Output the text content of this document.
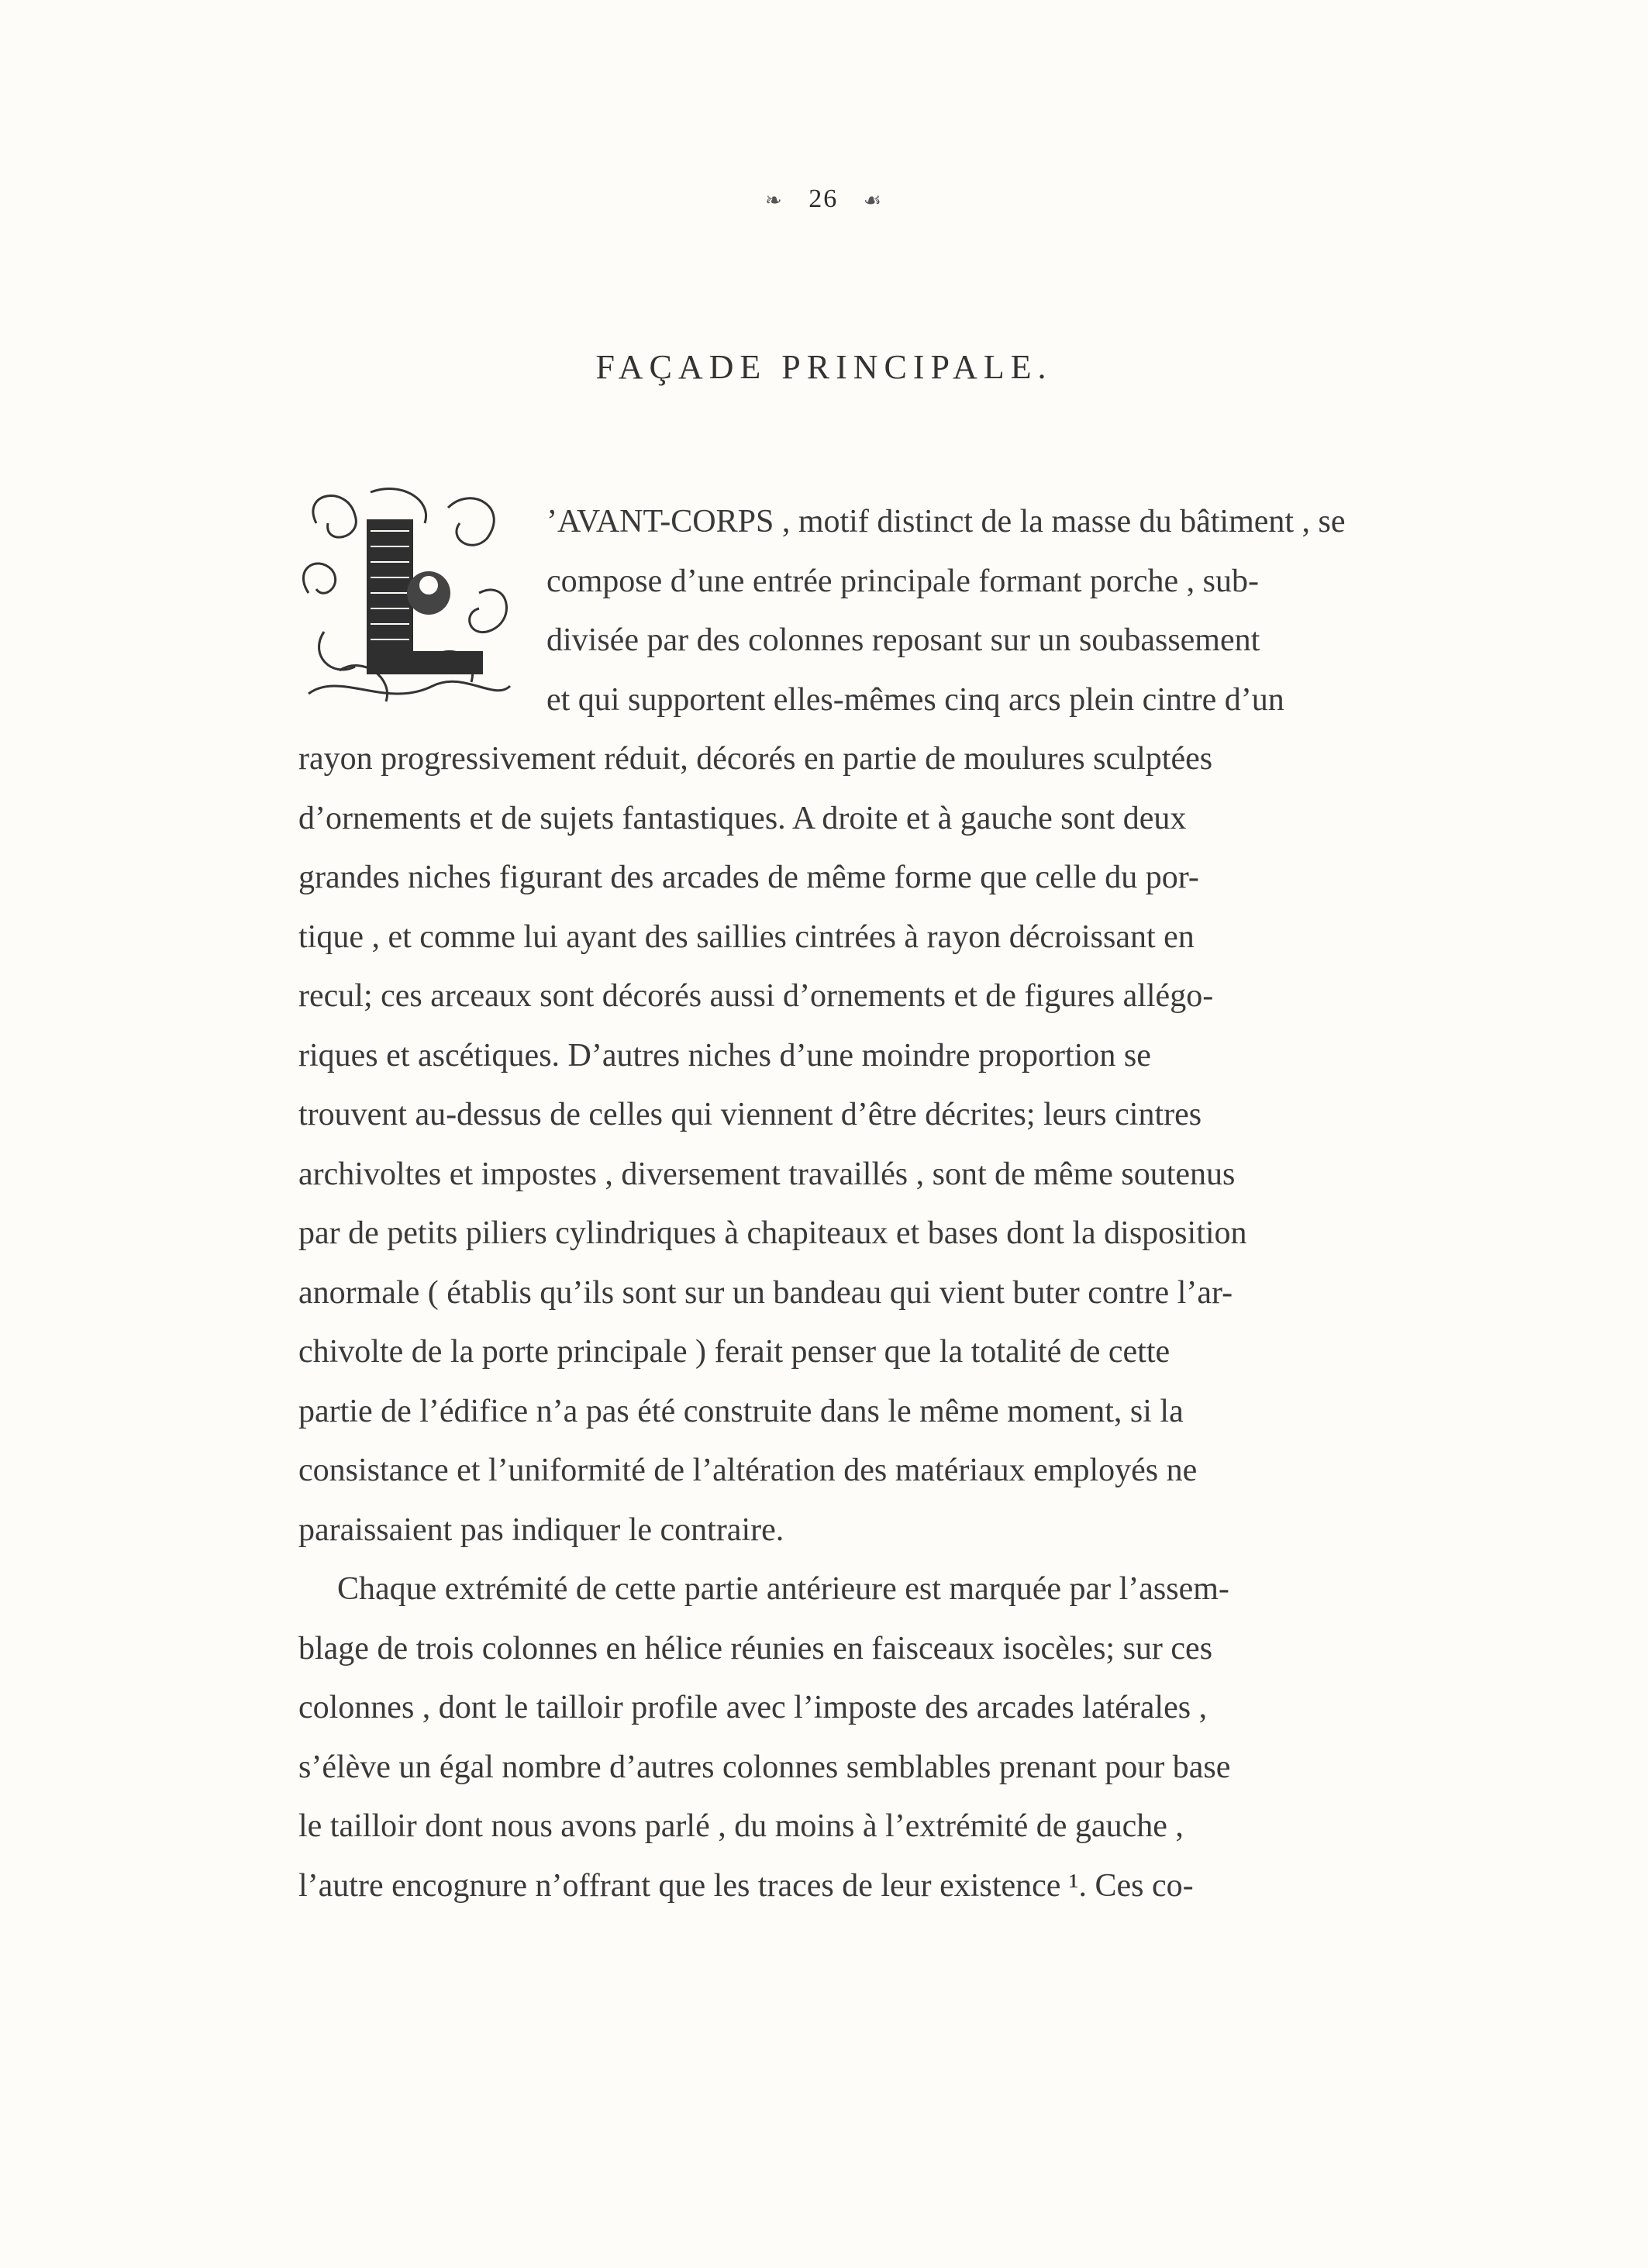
❧ 26 ☙
FAÇADE PRINCIPALE.
’AVANT-CORPS , motif distinct de la masse du bâtiment , se
compose d’une entrée principale formant porche , sub-
divisée par des colonnes reposant sur un soubassement
et qui supportent elles-mêmes cinq arcs plein cintre d’un
rayon progressivement réduit, décorés en partie de moulures sculptées
d’ornements et de sujets fantastiques. A droite et à gauche sont deux
grandes niches figurant des arcades de même forme que celle du por-
tique , et comme lui ayant des saillies cintrées à rayon décroissant en
recul; ces arceaux sont décorés aussi d’ornements et de figures allégo-
riques et ascétiques. D’autres niches d’une moindre proportion se
trouvent au-dessus de celles qui viennent d’être décrites; leurs cintres
archivoltes et impostes , diversement travaillés , sont de même soutenus
par de petits piliers cylindriques à chapiteaux et bases dont la disposition
anormale ( établis qu’ils sont sur un bandeau qui vient buter contre l’ar-
chivolte de la porte principale ) ferait penser que la totalité de cette
partie de l’édifice n’a pas été construite dans le même moment, si la
consistance et l’uniformité de l’altération des matériaux employés ne
paraissaient pas indiquer le contraire.
Chaque extrémité de cette partie antérieure est marquée par l’assem-
blage de trois colonnes en hélice réunies en faisceaux isocèles; sur ces
colonnes , dont le tailloir profile avec l’imposte des arcades latérales ,
s’élève un égal nombre d’autres colonnes semblables prenant pour base
le tailloir dont nous avons parlé , du moins à l’extrémité de gauche ,
l’autre encognure n’offrant que les traces de leur existence ¹. Ces co-
